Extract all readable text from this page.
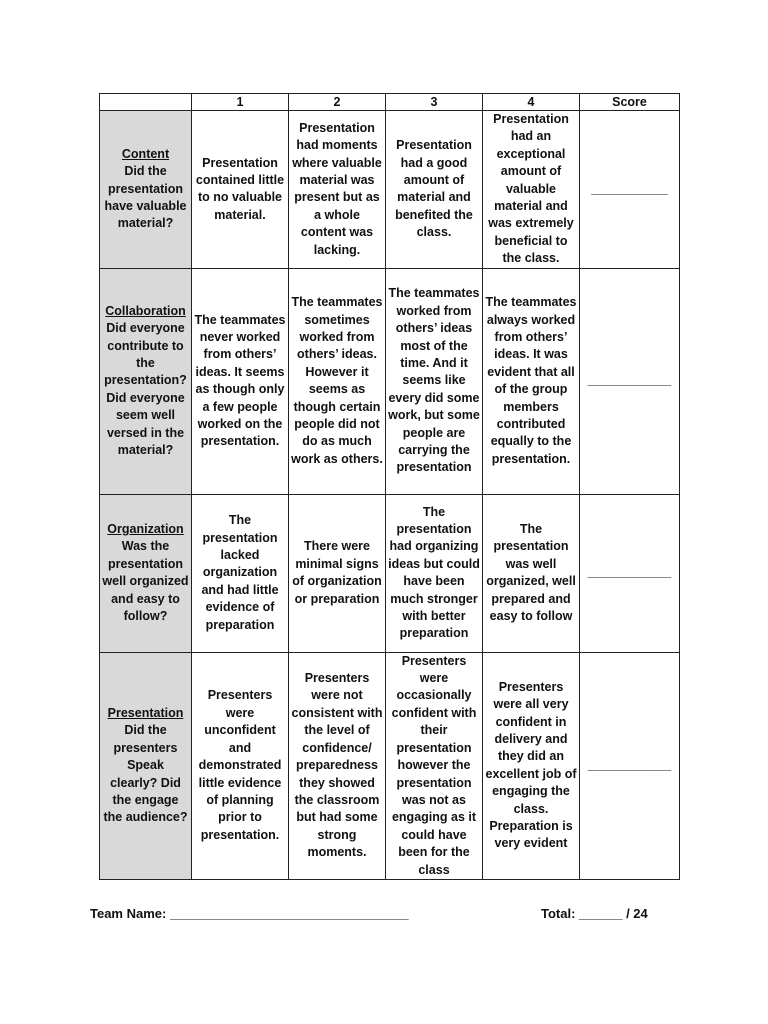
	1	2	3	4	Score

Content
Did the presentation have valuable material?	Presentation contained little to no valuable material.	Presentation had moments where valuable material was present but as a whole content was lacking.	Presentation had a good amount of material and benefited the class.	Presentation had an exceptional amount of valuable material and was extremely beneficial to the class.	___________

Collaboration
Did everyone contribute to the presentation? Did everyone seem well versed in the material?	The teammates never worked from others’ ideas. It seems as though only a few people worked on the presentation.	The teammates sometimes worked from others’ ideas. However it seems as though certain people did not do as much work as others.	The teammates worked from others’ ideas most of the time. And it seems like every did some work, but some people are carrying the presentation	The teammates always worked from others’ ideas. It was evident that all of the group members contributed equally to the presentation.	____________

Organization
Was the presentation well organized and easy to follow?	The presentation lacked organization and had little evidence of preparation	There were minimal signs of organization or preparation	The presentation had organizing ideas but could have been much stronger with better preparation	The presentation was well organized, well prepared and easy to follow	____________

Presentation
Did the presenters Speak clearly? Did the engage the audience?	Presenters were unconfident and demonstrated little evidence of planning prior to presentation.	Presenters were not consistent with the level of confidence/ preparedness they showed the classroom but had some strong moments.	Presenters were occasionally confident with their presentation however the presentation was not as engaging as it could have been for the class	Presenters were all very confident in delivery and they did an excellent job of engaging the class. Preparation is very evident	____________
Team Name: _________________________________	Total: ______ / 24
